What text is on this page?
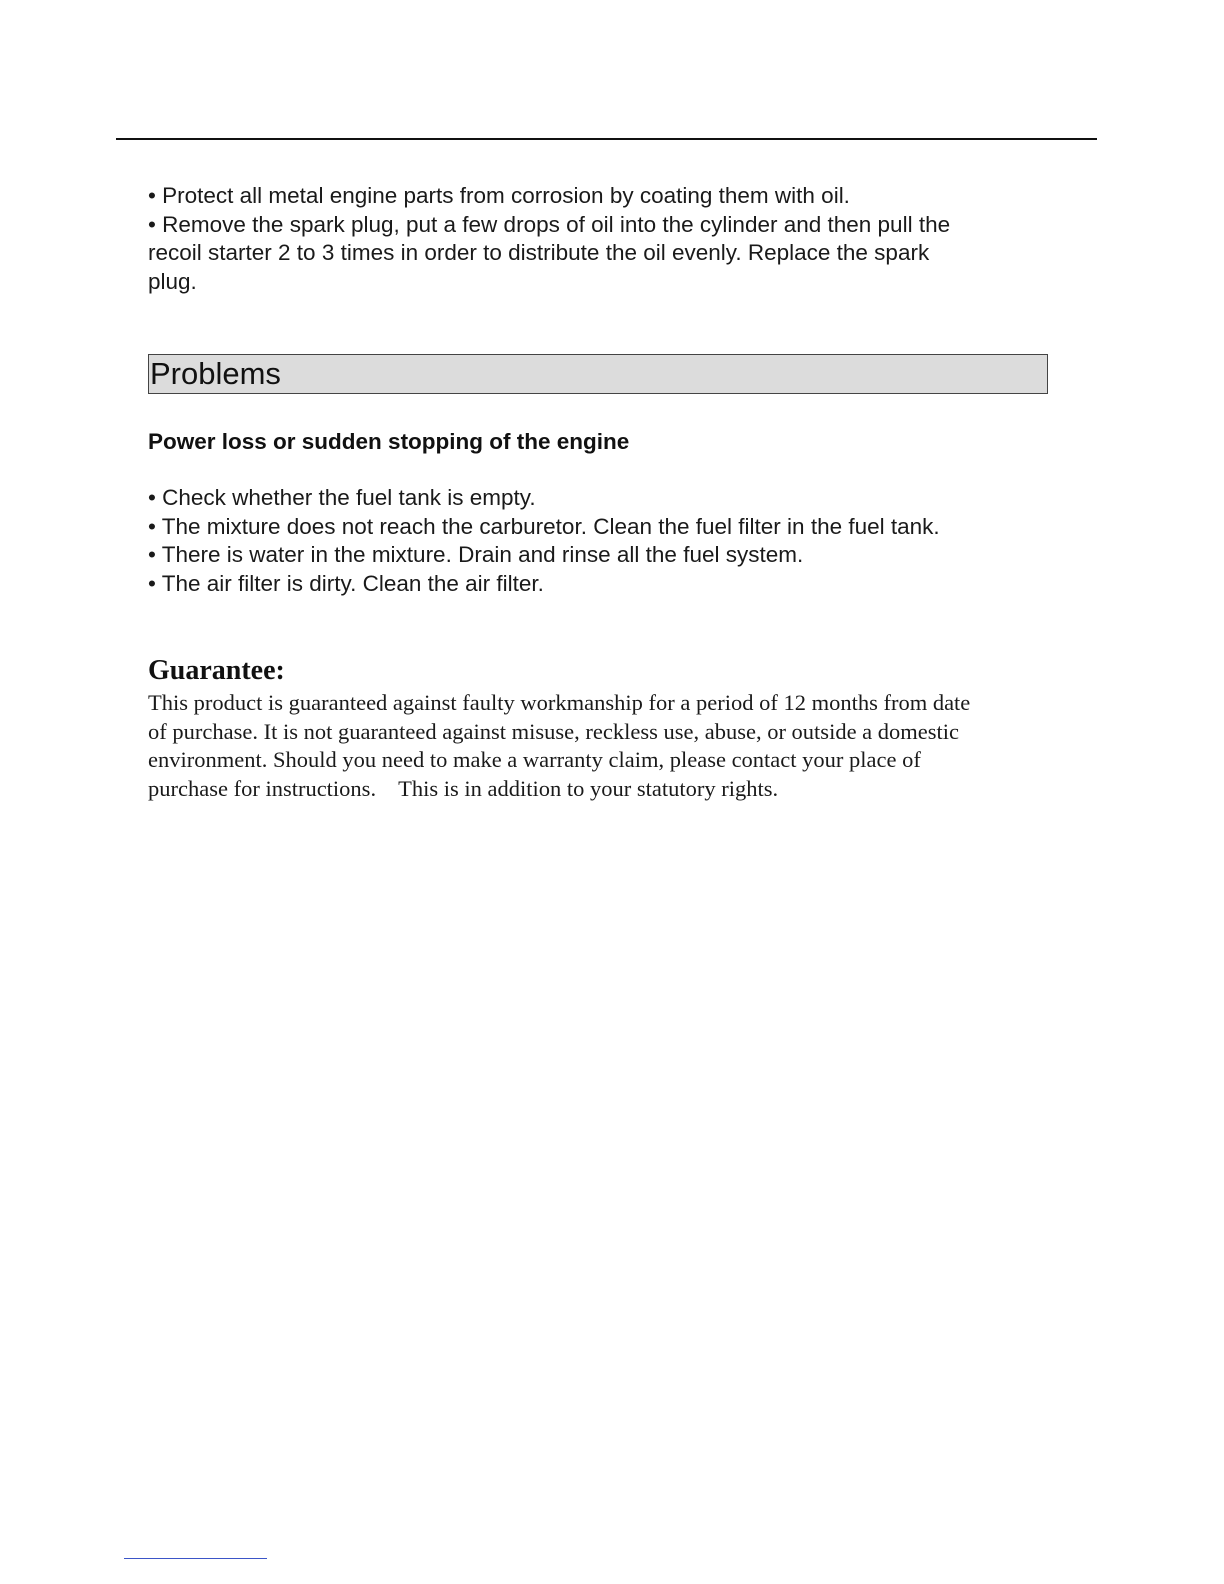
• Protect all metal engine parts from corrosion by coating them with oil.
• Remove the spark plug, put a few drops of oil into the cylinder and then pull the
recoil starter 2 to 3 times in order to distribute the oil evenly. Replace the spark
plug.
Problems
Power loss or sudden stopping of the engine
• Check whether the fuel tank is empty.
• The mixture does not reach the carburetor. Clean the fuel filter in the fuel tank.
• There is water in the mixture. Drain and rinse all the fuel system.
• The air filter is dirty. Clean the air filter.
Guarantee:

This product is guaranteed against faulty workmanship for a period of 12 months from date
of purchase. It is not guaranteed against misuse, reckless use, abuse, or outside a domestic
environment. Should you need to make a warranty claim, please contact your place of
purchase for instructions.    This is in addition to your statutory rights.
